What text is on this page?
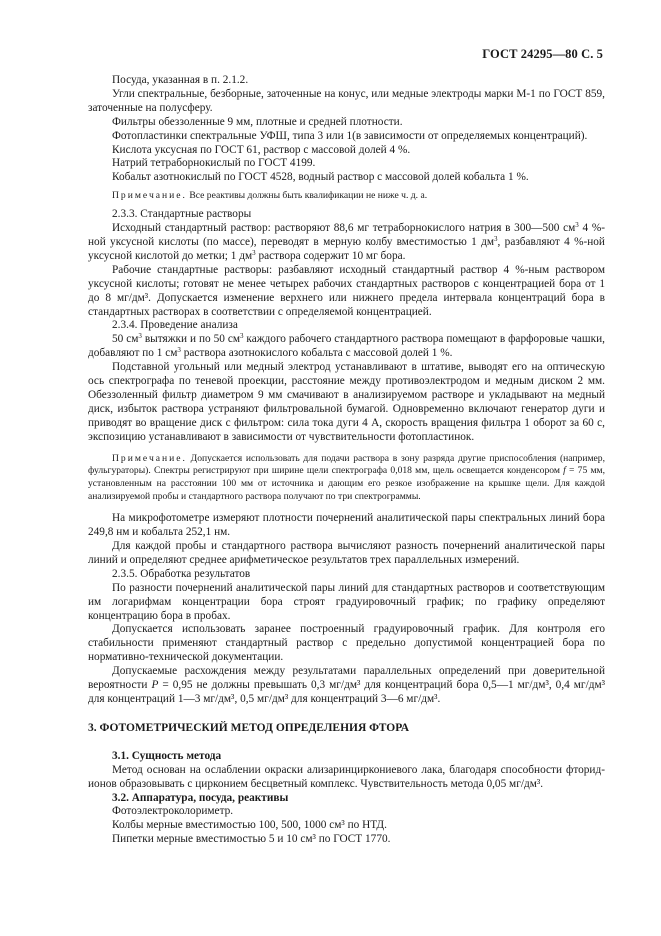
ГОСТ 24295—80 С. 5

Посуда, указанная в п. 2.1.2.

Угли спектральные, безборные, заточенные на конус, или медные электроды марки М-1 по ГОСТ 859, заточенные на полусферу.

Фильтры обеззоленные 9 мм, плотные и средней плотности.

Фотопластинки спектральные УФШ, типа 3 или 1(в зависимости от определяемых концентраций).

Кислота уксусная по ГОСТ 61, раствор с массовой долей 4 %.

Натрий тетраборнокислый по ГОСТ 4199.

Кобальт азотнокислый по ГОСТ 4528, водный раствор с массовой долей кобальта 1 %.

Примечание. Все реактивы должны быть квалификации не ниже ч. д. а.

2.3.3. Стандартные растворы

Исходный стандартный раствор: растворяют 88,6 мг тетраборнокислого натрия в 300—500 $см^3$ 4 %-ной уксусной кислоты (по массе), переводят в мерную колбу вместимостью 1 $дм^3$, разбавляют 4 %-ной уксусной кислотой до метки; 1 $дм^3$ раствора содержит 10 мг бора.

Рабочие стандартные растворы: разбавляют исходный стандартный раствор 4 %-ным раствором уксусной кислоты; готовят не менее четырех рабочих стандартных растворов с концентрацией бора от 1 до 8 мг/дм³. Допускается изменение верхнего или нижнего предела интервала концентраций бора в стандартных растворах в соответствии с определяемой концентрацией.

2.3.4. Проведение анализа

50 $см^3$ вытяжки и по 50 $см^3$ каждого рабочего стандартного раствора помещают в фарфоровые чашки, добавляют по 1 $см^3$ раствора азотнокислого кобальта с массовой долей 1 %.

Подставной угольный или медный электрод устанавливают в штативе, выводят его на оптическую ось спектрографа по теневой проекции, расстояние между противоэлектродом и медным диском 2 мм. Обеззоленный фильтр диаметром 9 мм смачивают в анализируемом растворе и укладывают на медный диск, избыток раствора устраняют фильтровальной бумагой. Одновременно включают генератор дуги и приводят во вращение диск с фильтром: сила тока дуги 4 А, скорость вращения фильтра 1 оборот за 60 с, экспозицию устанавливают в зависимости от чувствительности фотопластинок.

Примечание. Допускается использовать для подачи раствора в зону разряда другие приспособления (например, фульгураторы). Спектры регистрируют при ширине щели спектрографа 0,018 мм, щель освещается конденсором f = 75 мм, установленным на расстоянии 100 мм от источника и дающим его резкое изображение на крышке щели. Для каждой анализируемой пробы и стандартного раствора получают по три спектрограммы.

На микрофотометре измеряют плотности почернений аналитической пары спектральных линий бора 249,8 нм и кобальта 252,1 нм.

Для каждой пробы и стандартного раствора вычисляют разность почернений аналитической пары линий и определяют среднее арифметическое результатов трех параллельных измерений.

2.3.5. Обработка результатов

По разности почернений аналитической пары линий для стандартных растворов и соответствующим им логарифмам концентрации бора строят градуировочный график; по графику определяют концентрацию бора в пробах.

Допускается использовать заранее построенный градуировочный график. Для контроля его стабильности применяют стандартный раствор с предельно допустимой концентрацией бора по нормативно-технической документации.

Допускаемые расхождения между результатами параллельных определений при доверительной вероятности P = 0,95 не должны превышать 0,3 мг/дм³ для концентраций бора 0,5—1 мг/дм³, 0,4 мг/дм³ для концентраций 1—3 мг/дм³, 0,5 мг/дм³ для концентраций 3—6 мг/дм³.

3. ФОТОМЕТРИЧЕСКИЙ МЕТОД ОПРЕДЕЛЕНИЯ ФТОРА

3.1. Сущность метода

Метод основан на ослаблении окраски ализаринциркониевого лака, благодаря способности фторид-ионов образовывать с цирконием бесцветный комплекс. Чувствительность метода 0,05 мг/дм³.

3.2. Аппаратура, посуда, реактивы

Фотоэлектроколориметр.

Колбы мерные вместимостью 100, 500, 1000 см³ по НТД.

Пипетки мерные вместимостью 5 и 10 см³ по ГОСТ 1770.
